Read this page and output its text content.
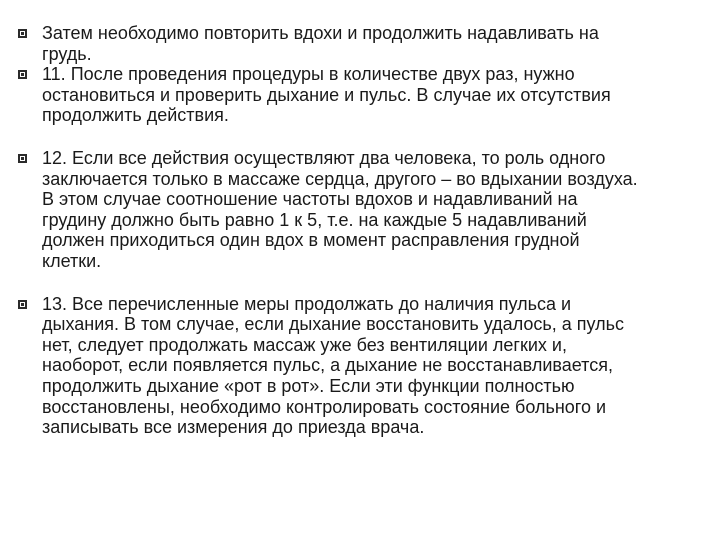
Затем необходимо повторить вдохи и продолжить надавливать на
грудь.
11. После проведения процедуры в количестве двух раз, нужно
остановиться и проверить дыхание и пульс. В случае их отсутствия
продолжить действия.
12. Если все действия осуществляют два человека, то роль одного
заключается только в массаже сердца, другого – во вдыхании воздуха.
В этом случае соотношение частоты вдохов и надавливаний на
грудину должно быть равно 1 к 5, т.е. на каждые 5 надавливаний
должен приходиться один вдох в момент расправления грудной
клетки.
13. Все перечисленные меры продолжать до наличия пульса и
дыхания. В том случае, если дыхание восстановить удалось, а пульс
нет, следует продолжать массаж уже без вентиляции легких и,
наоборот, если появляется пульс, а дыхание не восстанавливается,
продолжить дыхание «рот в рот». Если эти функции полностью
восстановлены, необходимо контролировать состояние больного и
записывать все измерения до приезда врача.
